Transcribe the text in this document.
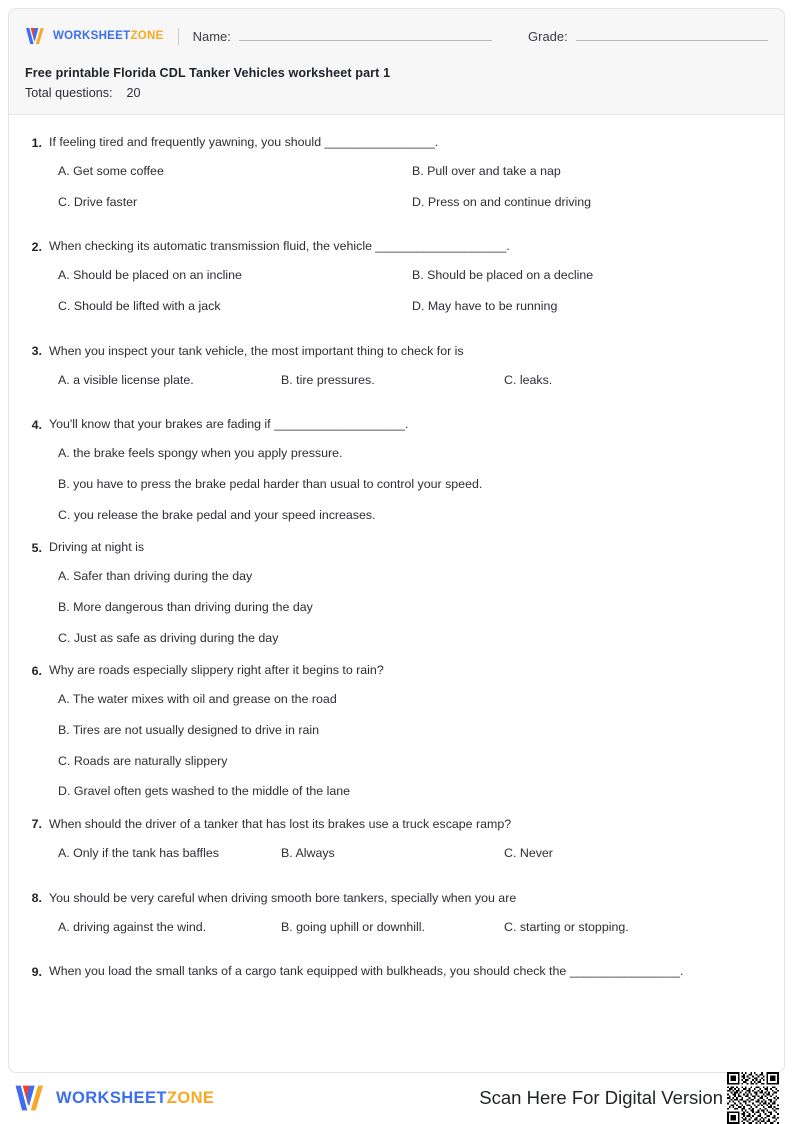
WORKSHEETZONE Name:	Grade:
Free printable Florida CDL Tanker Vehicles worksheet part 1
Total questions: 20
1. If feeling tired and frequently yawning, you should ________________.
A. Get some coffee	B. Pull over and take a nap
C. Drive faster	D. Press on and continue driving
2. When checking its automatic transmission fluid, the vehicle ___________________.
A. Should be placed on an incline	B. Should be placed on a decline
C. Should be lifted with a jack	D. May have to be running
3. When you inspect your tank vehicle, the most important thing to check for is
A. a visible license plate.	B. tire pressures.	C. leaks.
4. You'll know that your brakes are fading if ___________________.
A. the brake feels spongy when you apply pressure.
B. you have to press the brake pedal harder than usual to control your speed.
C. you release the brake pedal and your speed increases.
5. Driving at night is
A. Safer than driving during the day
B. More dangerous than driving during the day
C. Just as safe as driving during the day
6. Why are roads especially slippery right after it begins to rain?
A. The water mixes with oil and grease on the road
B. Tires are not usually designed to drive in rain
C. Roads are naturally slippery
D. Gravel often gets washed to the middle of the lane
7. When should the driver of a tanker that has lost its brakes use a truck escape ramp?
A. Only if the tank has baffles	B. Always	C. Never
8. You should be very careful when driving smooth bore tankers, specially when you are
A. driving against the wind.	B. going uphill or downhill.	C. starting or stopping.
9. When you load the small tanks of a cargo tank equipped with bulkheads, you should check the ________________.
WORKSHEETZONE	Scan Here For Digital Version
